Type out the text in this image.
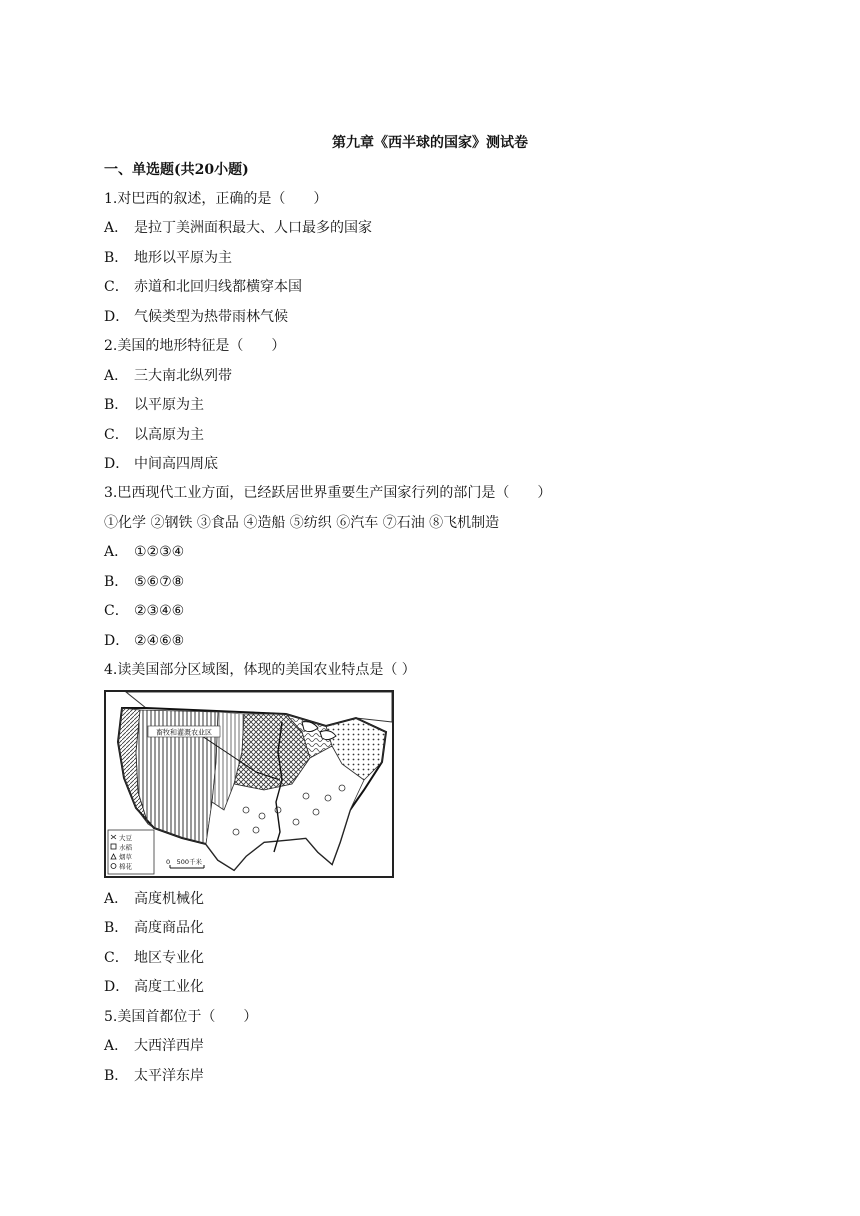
第九章《西半球的国家》测试卷
一、单选题(共20小题)
1.对巴西的叙述，正确的是（　　）
A． 是拉丁美洲面积最大、人口最多的国家
B． 地形以平原为主
C． 赤道和北回归线都横穿本国
D． 气候类型为热带雨林气候
2.美国的地形特征是（　　）
A． 三大南北纵列带
B． 以平原为主
C． 以高原为主
D． 中间高四周底
3.巴西现代工业方面，已经跃居世界重要生产国家行列的部门是（　　）
①化学 ②钢铁 ③食品 ④造船 ⑤纺织 ⑥汽车 ⑦石油 ⑧飞机制造
A． ①②③④
B． ⑤⑥⑦⑧
C． ②③④⑥
D． ②④⑥⑧
4.读美国部分区域图，体现的美国农业特点是（ ）
畜牧和灌溉农业区
大豆
水稻
烟草
棉花
0　500千米
A． 高度机械化
B． 高度商品化
C． 地区专业化
D． 高度工业化
5.美国首都位于（　　）
A． 大西洋西岸
B． 太平洋东岸
